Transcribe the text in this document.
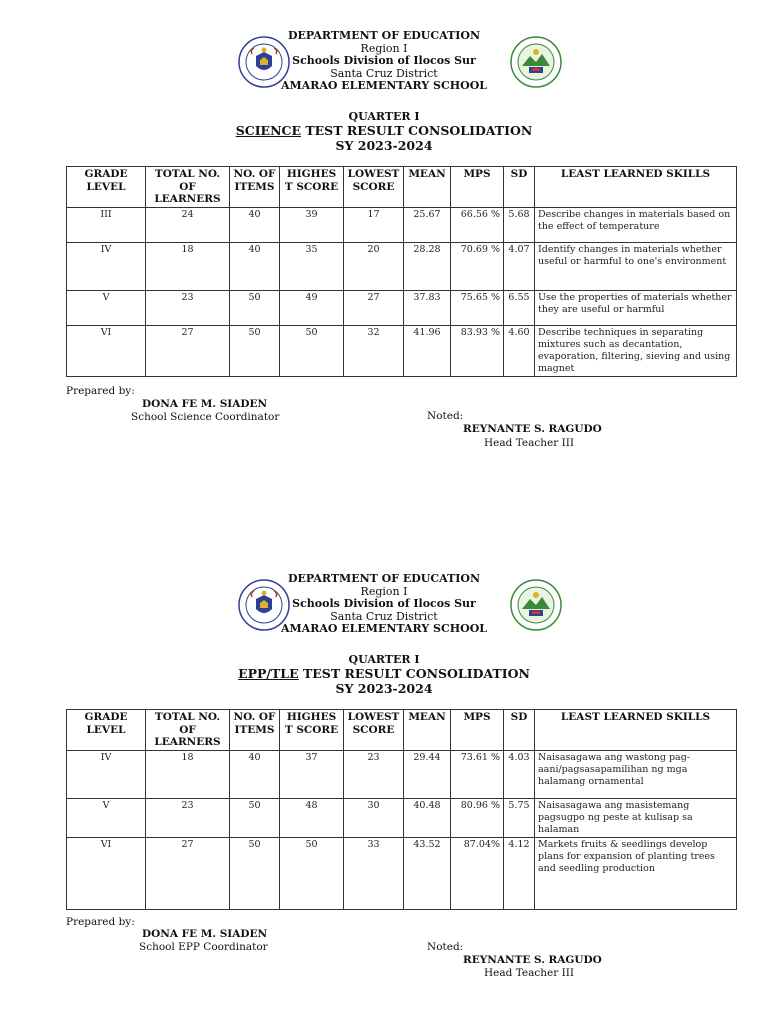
DEPARTMENT OF EDUCATION
Region I
Schools Division of Ilocos Sur
Santa Cruz District
AMARAO ELEMENTARY SCHOOL
QUARTER I
SCIENCE TEST RESULT CONSOLIDATION
SY 2023-2024
GRADE LEVEL	TOTAL NO. OF LEARNERS	NO. OF ITEMS	HIGHES T SCORE	LOWEST SCORE	MEAN	MPS	SD	LEAST LEARNED SKILLS
III	24	40	39	17	25.67	66.56 %	5.68	Describe changes in materials based on the effect of temperature
IV	18	40	35	20	28.28	70.69 %	4.07	Identify changes in materials whether useful or harmful to one's environment
V	23	50	49	27	37.83	75.65 %	6.55	Use the properties of materials whether they are useful or harmful
VI	27	50	50	32	41.96	83.93 %	4.60	Describe techniques in separating mixtures such as decantation, evaporation, filtering, sieving and using magnet
Prepared by:
DONA FE M. SIADEN
School Science Coordinator	Noted:
REYNANTE S. RAGUDO
Head Teacher III
DEPARTMENT OF EDUCATION
Region I
Schools Division of Ilocos Sur
Santa Cruz District
AMARAO ELEMENTARY SCHOOL
QUARTER I
EPP/TLE TEST RESULT CONSOLIDATION
SY 2023-2024
GRADE LEVEL	TOTAL NO. OF LEARNERS	NO. OF ITEMS	HIGHES T SCORE	LOWEST SCORE	MEAN	MPS	SD	LEAST LEARNED SKILLS
IV	18	40	37	23	29.44	73.61 %	4.03	Naisasagawa ang wastong pag-aani/pagsasapamilihan ng mga halamang ornamental
V	23	50	48	30	40.48	80.96 %	5.75	Naisasagawa ang masistemang pagsugpo ng peste at kulisap sa halaman
VI	27	50	50	33	43.52	87.04%	4.12	Markets fruits & seedlings develop plans for expansion of planting trees and seedling production
Prepared by:
DONA FE M. SIADEN
School EPP Coordinator	Noted:
REYNANTE S. RAGUDO
Head Teacher III
